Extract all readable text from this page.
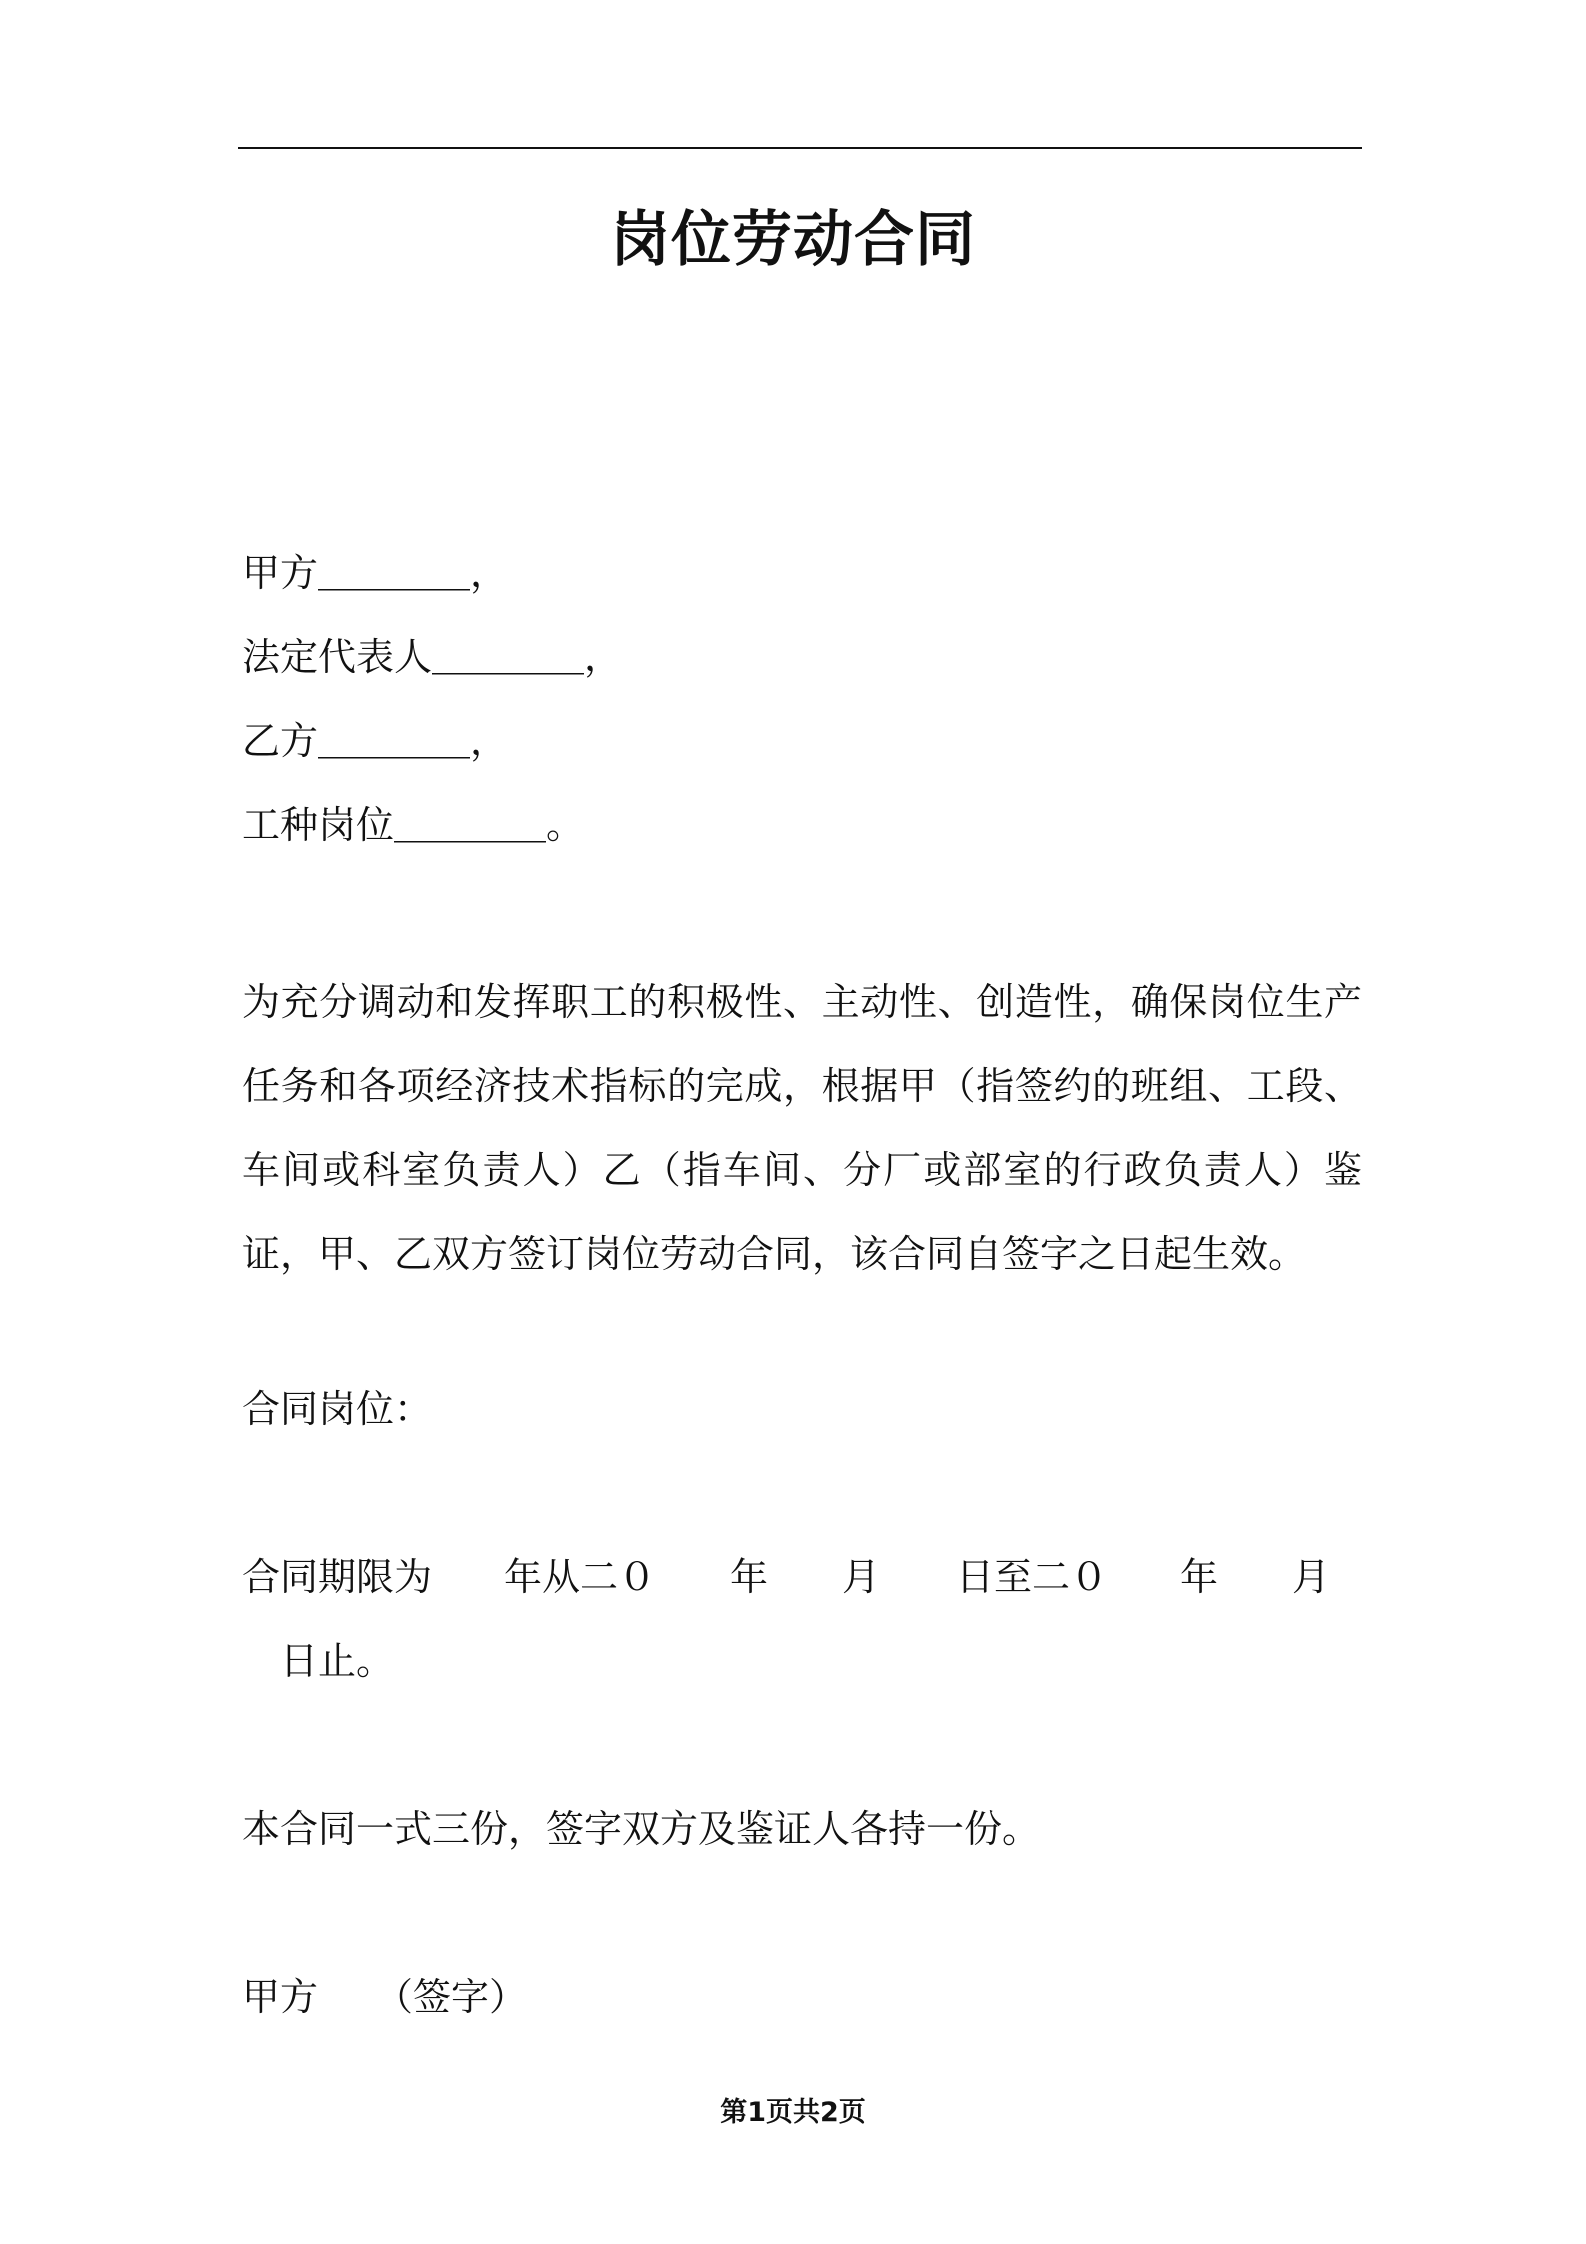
岗位劳动合同
甲方＿＿＿＿，
法定代表人＿＿＿＿，
乙方＿＿＿＿，
工种岗位＿＿＿＿。
为充分调动和发挥职工的积极性、主动性、创造性，确保岗位生产任务和各项经济技术指标的完成，根据甲（指签约的班组、工段、车间或科室负责人）乙（指车间、分厂或部室的行政负责人）鉴证，甲、乙双方签订岗位劳动合同，该合同自签字之日起生效。
合同岗位：
合同期限为 年从二０ 年 月 日至二０ 年 月
日止。
本合同一式三份，签字双方及鉴证人各持一份。
甲方　　（签字）
第1页共2页
